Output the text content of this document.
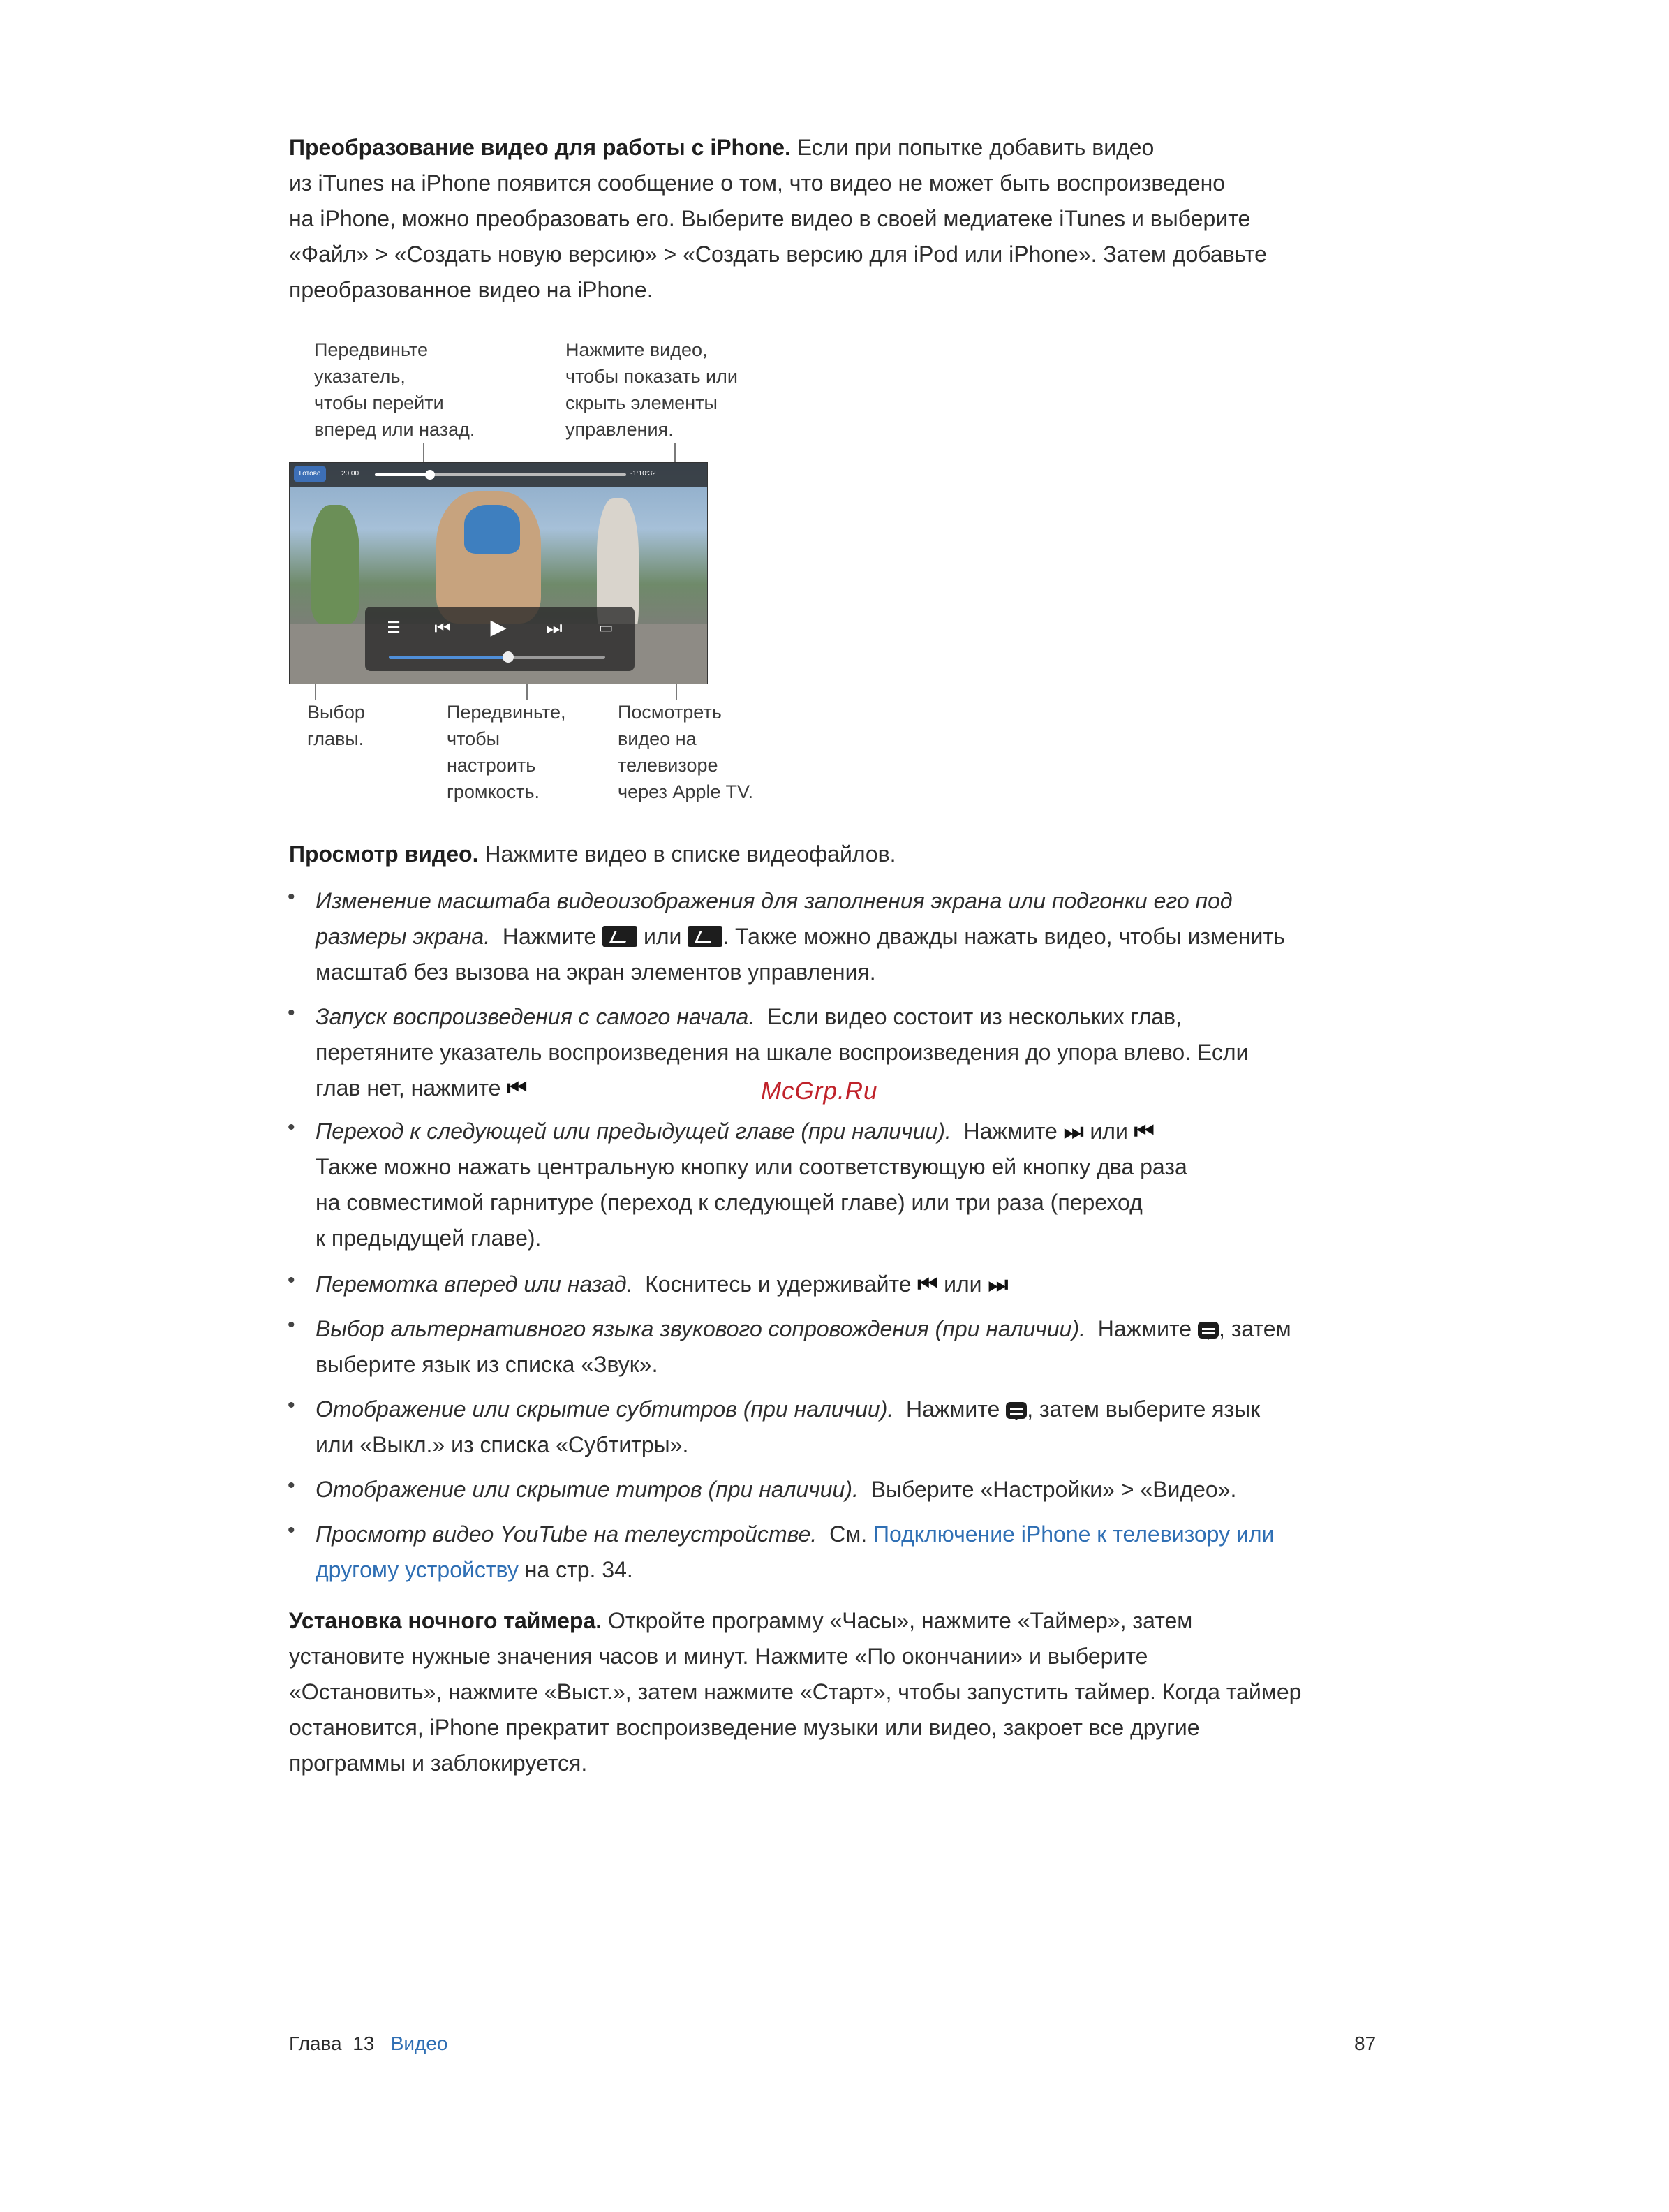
Преобразование видео для работы с iPhone. Если при попытке добавить видео
из iTunes на iPhone появится сообщение о том, что видео не может быть воспроизведено
на iPhone, можно преобразовать его. Выберите видео в своей медиатеке iTunes и выберите
«Файл» > «Создать новую версию» > «Создать версию для iPod или iPhone». Затем добавьте
преобразованное видео на iPhone.
Передвиньте
указатель,
чтобы перейти
вперед или назад.
Нажмите видео,
чтобы показать или
скрыть элементы
управления.
Готово	20:00	-1:10:32
☰	⏮	▶	⏭	▭
Выбор
главы.
Передвиньте,
чтобы
настроить
громкость.
Посмотреть
видео на
телевизоре
через Apple TV.
Просмотр видео. Нажмите видео в списке видеофайлов.
• Изменение масштаба видеоизображения для заполнения экрана или подгонки его под
размеры экрана. Нажмите или . Также можно дважды нажать видео, чтобы изменить
масштаб без вызова на экран элементов управления.
• Запуск воспроизведения с самого начала. Если видео состоит из нескольких глав,
перетяните указатель воспроизведения на шкале воспроизведения до упора влево. Если
глав нет, нажмите ⏮
• Переход к следующей или предыдущей главе (при наличии). Нажмите ⏭ или ⏮
Также можно нажать центральную кнопку или соответствующую ей кнопку два раза
на совместимой гарнитуре (переход к следующей главе) или три раза (переход
к предыдущей главе).
• Перемотка вперед или назад. Коснитесь и удерживайте ⏮ или ⏭
• Выбор альтернативного языка звукового сопровождения (при наличии). Нажмите , затем
выберите язык из списка «Звук».
• Отображение или скрытие субтитров (при наличии). Нажмите , затем выберите язык
или «Выкл.» из списка «Субтитры».
• Отображение или скрытие титров (при наличии). Выберите «Настройки» > «Видео».
• Просмотр видео YouTube на телеустройстве. См. Подключение iPhone к телевизору или
другому устройству на стр. 34.
Установка ночного таймера. Откройте программу «Часы», нажмите «Таймер», затем
установите нужные значения часов и минут. Нажмите «По окончании» и выберите
«Остановить», нажмите «Выст.», затем нажмите «Старт», чтобы запустить таймер. Когда таймер
остановится, iPhone прекратит воспроизведение музыки или видео, закроет все другие
программы и заблокируется.
McGrp.Ru
Глава  13 Видео	87
